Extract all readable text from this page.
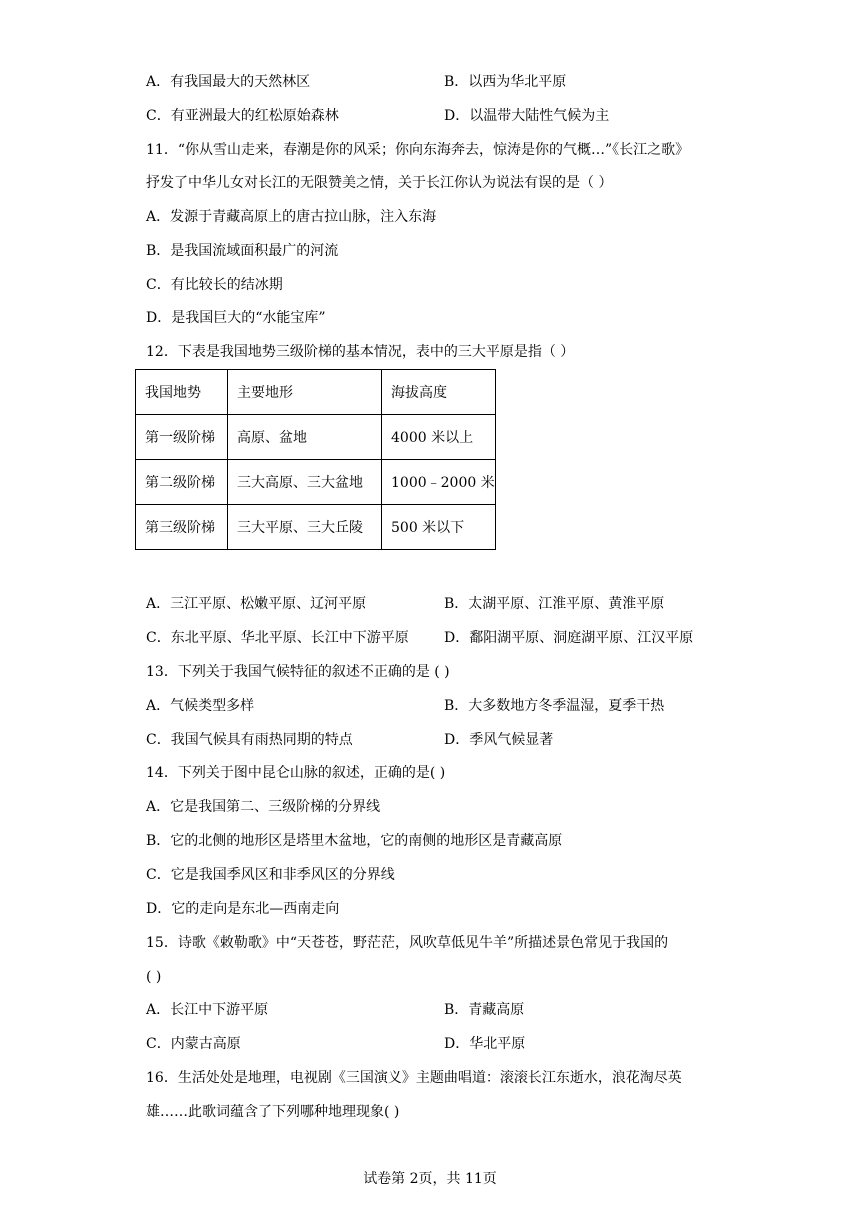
A．有我国最大的天然林区	B．以西为华北平原
C．有亚洲最大的红松原始森林	D．以温带大陆性气候为主
11．“你从雪山走来，春潮是你的风采；你向东海奔去，惊涛是你的气概…”《长江之歌》
抒发了中华儿女对长江的无限赞美之情，关于长江你认为说法有误的是（ ）
A．发源于青藏高原上的唐古拉山脉，注入东海
B．是我国流域面积最广的河流
C．有比较长的结冰期
D．是我国巨大的“水能宝库”
12．下表是我国地势三级阶梯的基本情况，表中的三大平原是指（ ）
我国地势	主要地形	海拔高度
第一级阶梯	高原、盆地	4000 米以上
第二级阶梯	三大高原、三大盆地	1000﹣2000 米
第三级阶梯	三大平原、三大丘陵	500 米以下
A．三江平原、松嫩平原、辽河平原	B．太湖平原、江淮平原、黄淮平原
C．东北平原、华北平原、长江中下游平原	D．鄱阳湖平原、洞庭湖平原、江汉平原
13．下列关于我国气候特征的叙述不正确的是 ( )
A．气候类型多样	B．大多数地方冬季温湿，夏季干热
C．我国气候具有雨热同期的特点	D．季风气候显著
14．下列关于图中昆仑山脉的叙述，正确的是( )
A．它是我国第二、三级阶梯的分界线
B．它的北侧的地形区是塔里木盆地，它的南侧的地形区是青藏高原
C．它是我国季风区和非季风区的分界线
D．它的走向是东北—西南走向
15．诗歌《敕勒歌》中“天苍苍，野茫茫，风吹草低见牛羊”所描述景色常见于我国的
( )
A．长江中下游平原	B．青藏高原
C．内蒙古高原	D．华北平原
16．生活处处是地理，电视剧《三国演义》主题曲唱道：滚滚长江东逝水，浪花淘尽英
雄……此歌词蕴含了下列哪种地理现象( )
试卷第 2页，共 11页
